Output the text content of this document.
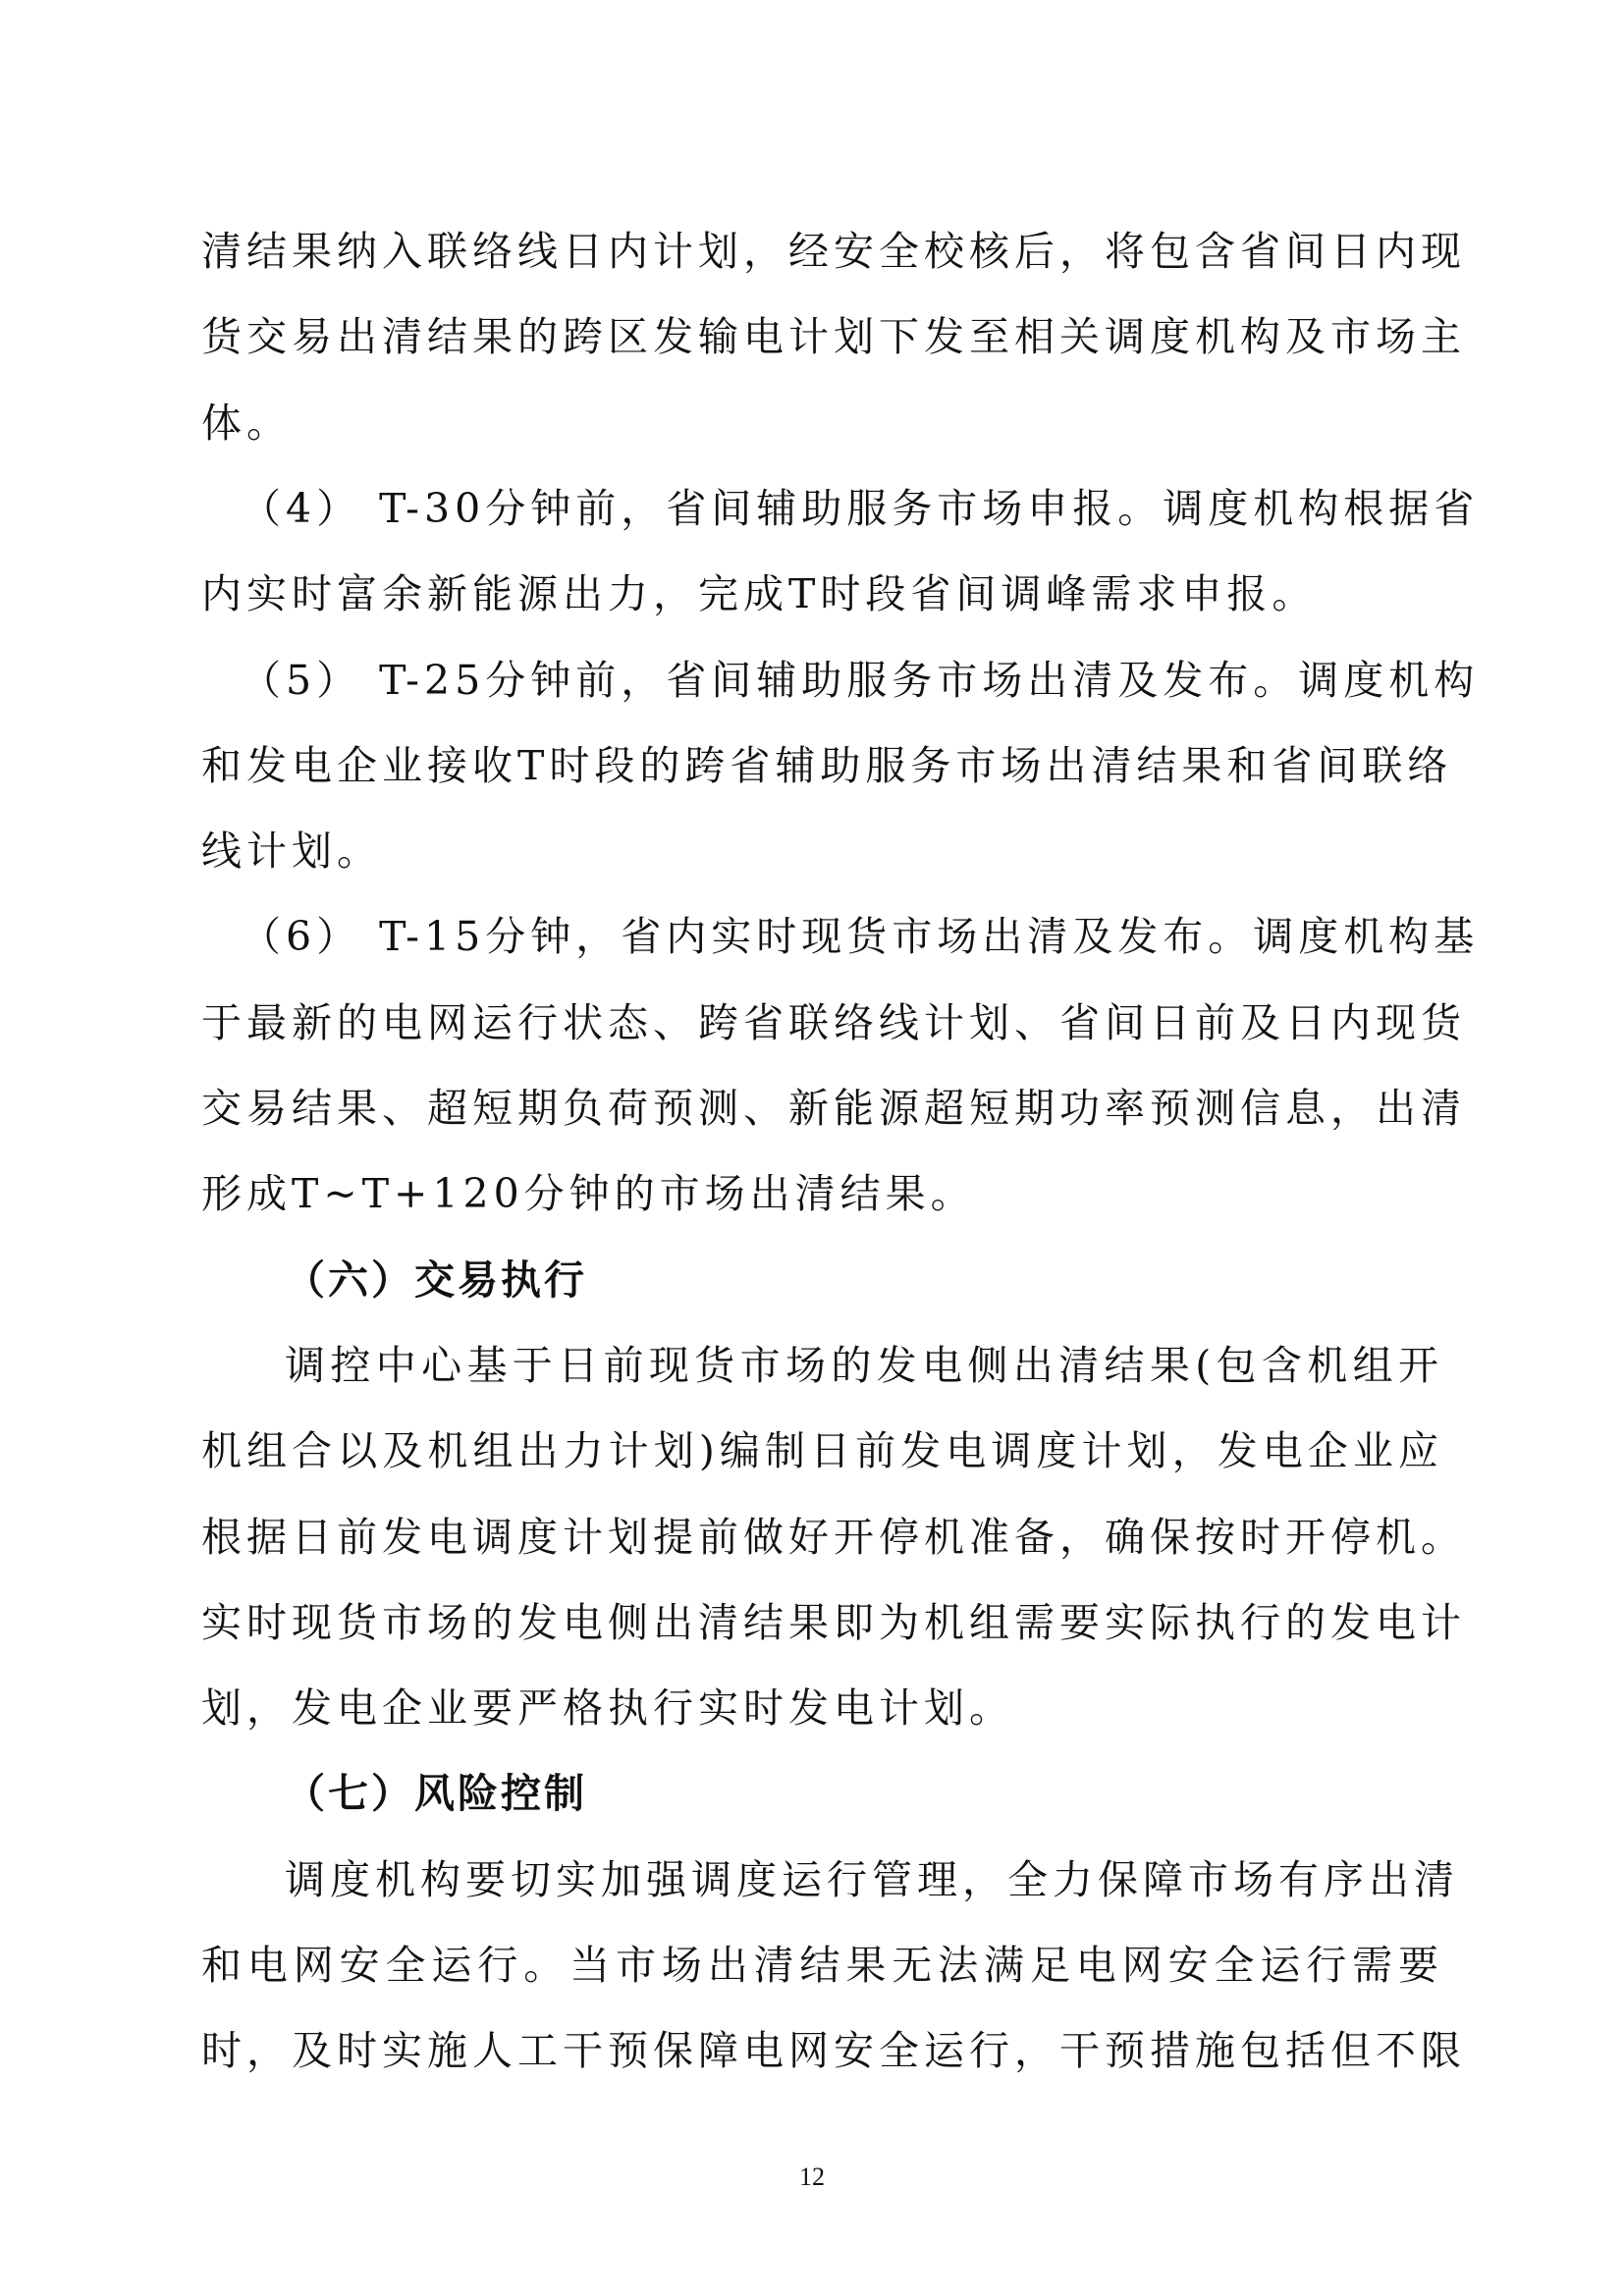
清结果纳入联络线日内计划，经安全校核后，将包含省间日内现
货交易出清结果的跨区发输电计划下发至相关调度机构及市场主
体。
（4） T-30分钟前，省间辅助服务市场申报。调度机构根据省
内实时富余新能源出力，完成T时段省间调峰需求申报。
（5） T-25分钟前，省间辅助服务市场出清及发布。调度机构
和发电企业接收T时段的跨省辅助服务市场出清结果和省间联络
线计划。
（6） T-15分钟，省内实时现货市场出清及发布。调度机构基
于最新的电网运行状态、跨省联络线计划、省间日前及日内现货
交易结果、超短期负荷预测、新能源超短期功率预测信息，出清
形成T~T+120分钟的市场出清结果。
（六）交易执行
调控中心基于日前现货市场的发电侧出清结果(包含机组开
机组合以及机组出力计划)编制日前发电调度计划，发电企业应
根据日前发电调度计划提前做好开停机准备，确保按时开停机。
实时现货市场的发电侧出清结果即为机组需要实际执行的发电计
划，发电企业要严格执行实时发电计划。
（七）风险控制
调度机构要切实加强调度运行管理，全力保障市场有序出清
和电网安全运行。当市场出清结果无法满足电网安全运行需要
时，及时实施人工干预保障电网安全运行，干预措施包括但不限
12
